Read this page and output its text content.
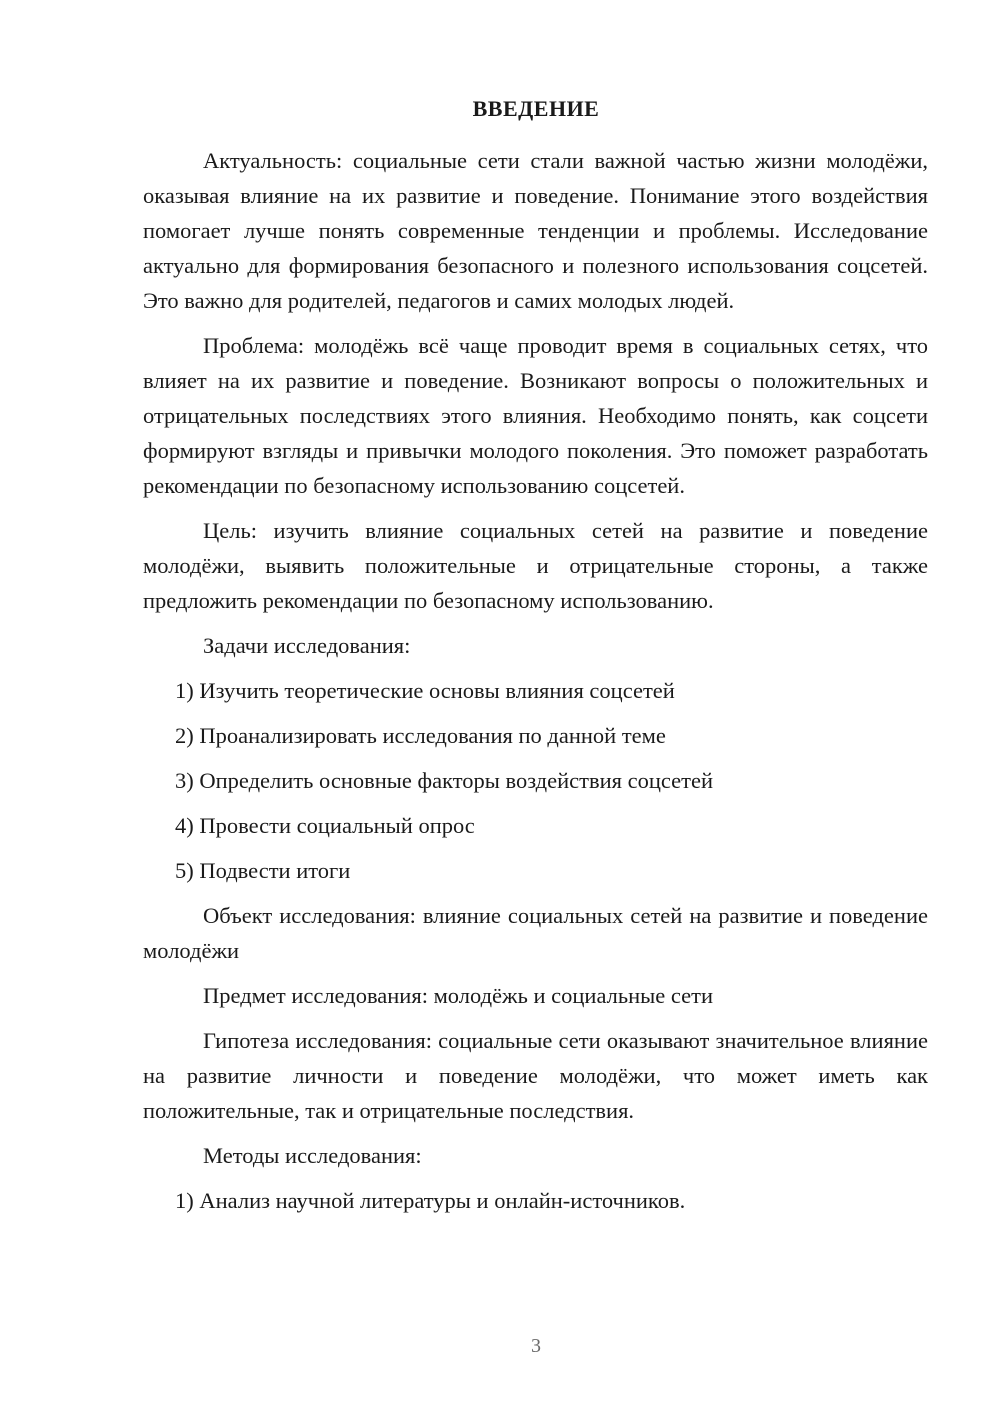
ВВЕДЕНИЕ

Актуальность: социальные сети стали важной частью жизни молодёжи, оказывая влияние на их развитие и поведение. Понимание этого воздействия помогает лучше понять современные тенденции и проблемы. Исследование актуально для формирования безопасного и полезного использования соцсетей. Это важно для родителей, педагогов и самих молодых людей.

Проблема: молодёжь всё чаще проводит время в социальных сетях, что влияет на их развитие и поведение. Возникают вопросы о положительных и отрицательных последствиях этого влияния. Необходимо понять, как соцсети формируют взгляды и привычки молодого поколения. Это поможет разработать рекомендации по безопасному использованию соцсетей.

Цель: изучить влияние социальных сетей на развитие и поведение молодёжи, выявить положительные и отрицательные стороны, а также предложить рекомендации по безопасному использованию.

Задачи исследования:

1) Изучить теоретические основы влияния соцсетей

2) Проанализировать исследования по данной теме

3) Определить основные факторы воздействия соцсетей

4) Провести социальный опрос

5) Подвести итоги

Объект исследования: влияние социальных сетей на развитие и поведение молодёжи

Предмет исследования: молодёжь и социальные сети

Гипотеза исследования: социальные сети оказывают значительное влияние на развитие личности и поведение молодёжи, что может иметь как положительные, так и отрицательные последствия.

Методы исследования:

1) Анализ научной литературы и онлайн-источников.

3
